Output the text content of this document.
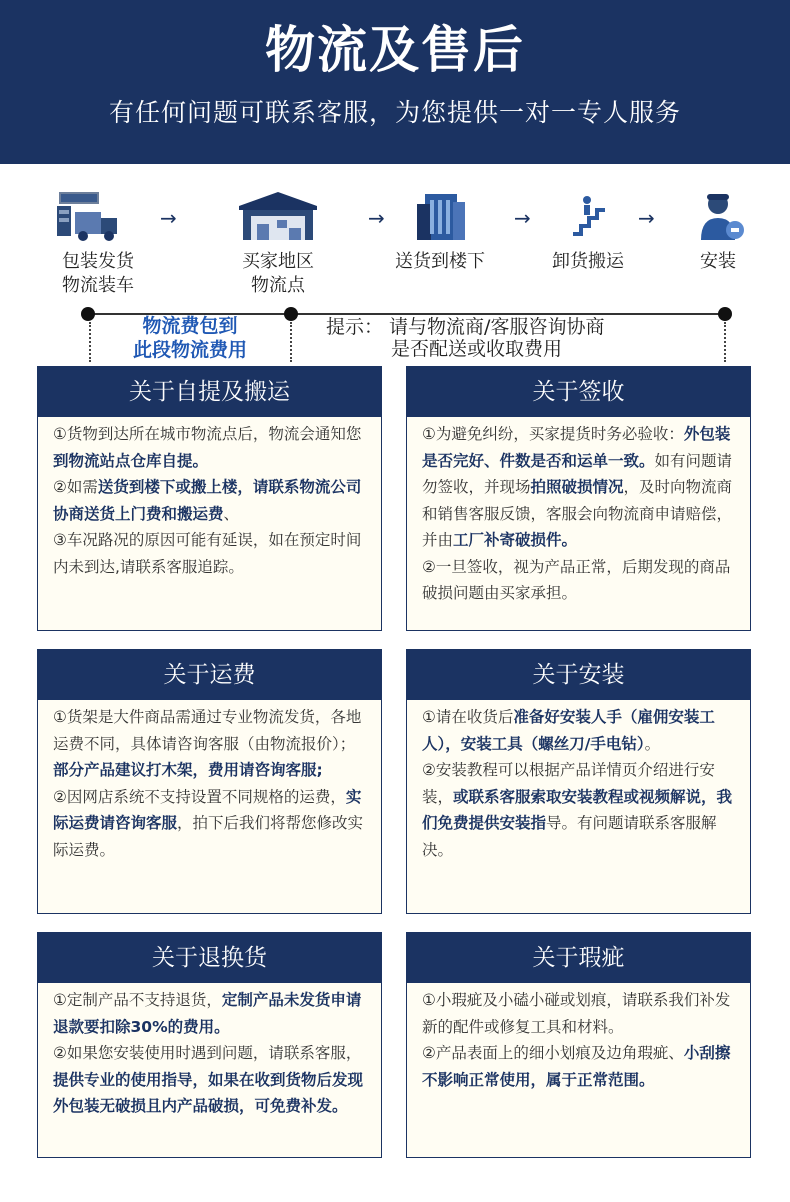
物流及售后
有任何问题可联系客服，为您提供一对一专人服务
包装发货
物流装车
→
买家地区
物流点
→
送货到楼下
→
卸货搬运
→
安装
物流费包到
此段物流费用
提示： 请与物流商/客服咨询协商
是否配送或收取费用
关于自提及搬运

①货物到达所在城市物流点后，物流会通知您到物流站点仓库自提。

②如需送货到楼下或搬上楼，请联系物流公司协商送货上门费和搬运费、

③车况路况的原因可能有延误，如在预定时间内未到达,请联系客服追踪。

关于签收

①为避免纠纷，买家提货时务必验收：外包装是否完好、件数是否和运单一致。如有问题请勿签收，并现场拍照破损情况，及时向物流商和销售客服反馈，客服会向物流商申请赔偿，并由工厂补寄破损件。

②一旦签收，视为产品正常，后期发现的商品破损问题由买家承担。

关于运费

①货架是大件商品需通过专业物流发货，各地运费不同，具体请咨询客服（由物流报价）；部分产品建议打木架，费用请咨询客服;

②因网店系统不支持设置不同规格的运费，实际运费请咨询客服，拍下后我们将帮您修改实际运费。

关于安装

①请在收货后准备好安装人手（雇佣安装工人），安装工具（螺丝刀/手电钻）。

②安装教程可以根据产品详情页介绍进行安装，或联系客服索取安装教程或视频解说，我们免费提供安装指导。有问题请联系客服解决。

关于退换货

①定制产品不支持退货，定制产品未发货申请退款要扣除30%的费用。

②如果您安装使用时遇到问题，请联系客服，提供专业的使用指导，如果在收到货物后发现外包装无破损且内产品破损，可免费补发。

关于瑕疵

①小瑕疵及小磕小碰或划痕，请联系我们补发新的配件或修复工具和材料。

②产品表面上的细小划痕及边角瑕疵、小刮擦不影响正常使用，属于正常范围。
